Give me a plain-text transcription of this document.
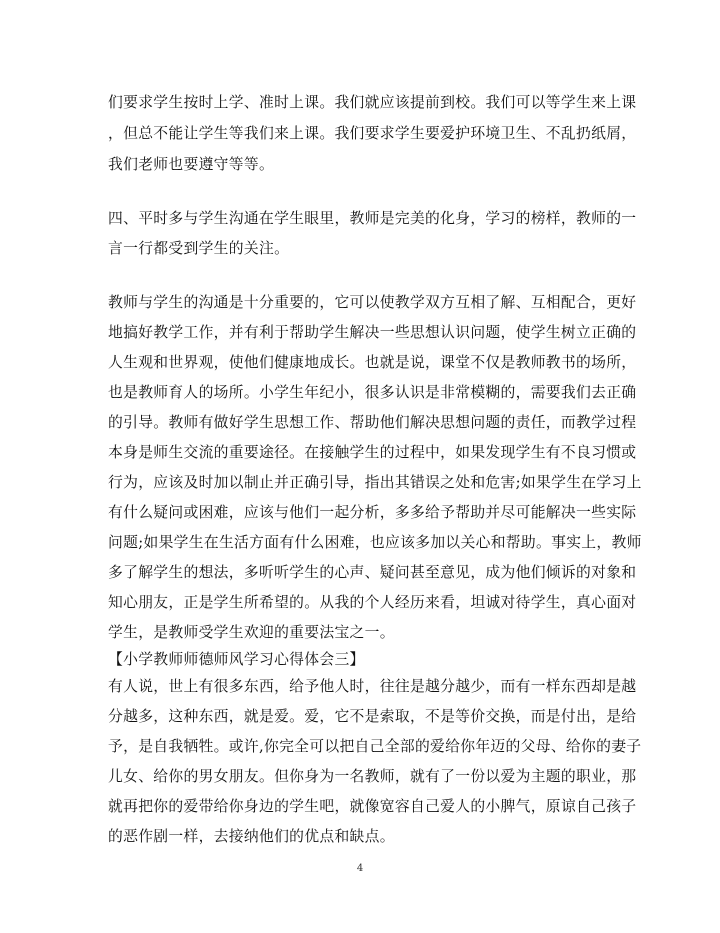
们要求学生按时上学、准时上课。我们就应该提前到校。我们可以等学生来上课
，但总不能让学生等我们来上课。我们要求学生要爱护环境卫生、不乱扔纸屑，
我们老师也要遵守等等。
四、平时多与学生沟通在学生眼里，教师是完美的化身，学习的榜样，教师的一
言一行都受到学生的关注。
教师与学生的沟通是十分重要的，它可以使教学双方互相了解、互相配合，更好
地搞好教学工作，并有利于帮助学生解决一些思想认识问题，使学生树立正确的
人生观和世界观，使他们健康地成长。也就是说，课堂不仅是教师教书的场所，
也是教师育人的场所。小学生年纪小，很多认识是非常模糊的，需要我们去正确
的引导。教师有做好学生思想工作、帮助他们解决思想问题的责任，而教学过程
本身是师生交流的重要途径。在接触学生的过程中，如果发现学生有不良习惯或
行为，应该及时加以制止并正确引导，指出其错误之处和危害;如果学生在学习上
有什么疑问或困难，应该与他们一起分析，多多给予帮助并尽可能解决一些实际
问题;如果学生在生活方面有什么困难，也应该多加以关心和帮助。事实上，教师
多了解学生的想法，多听听学生的心声、疑问甚至意见，成为他们倾诉的对象和
知心朋友，正是学生所希望的。从我的个人经历来看，坦诚对待学生，真心面对
学生，是教师受学生欢迎的重要法宝之一。
【小学教师师德师风学习心得体会三】
有人说，世上有很多东西，给予他人时，往往是越分越少，而有一样东西却是越
分越多，这种东西，就是爱。爱，它不是索取，不是等价交换，而是付出，是给
予，是自我牺牲。或许,你完全可以把自己全部的爱给你年迈的父母、给你的妻子
儿女、给你的男女朋友。但你身为一名教师，就有了一份以爱为主题的职业，那
就再把你的爱带给你身边的学生吧，就像宽容自己爱人的小脾气，原谅自己孩子
的恶作剧一样，去接纳他们的优点和缺点。
4
